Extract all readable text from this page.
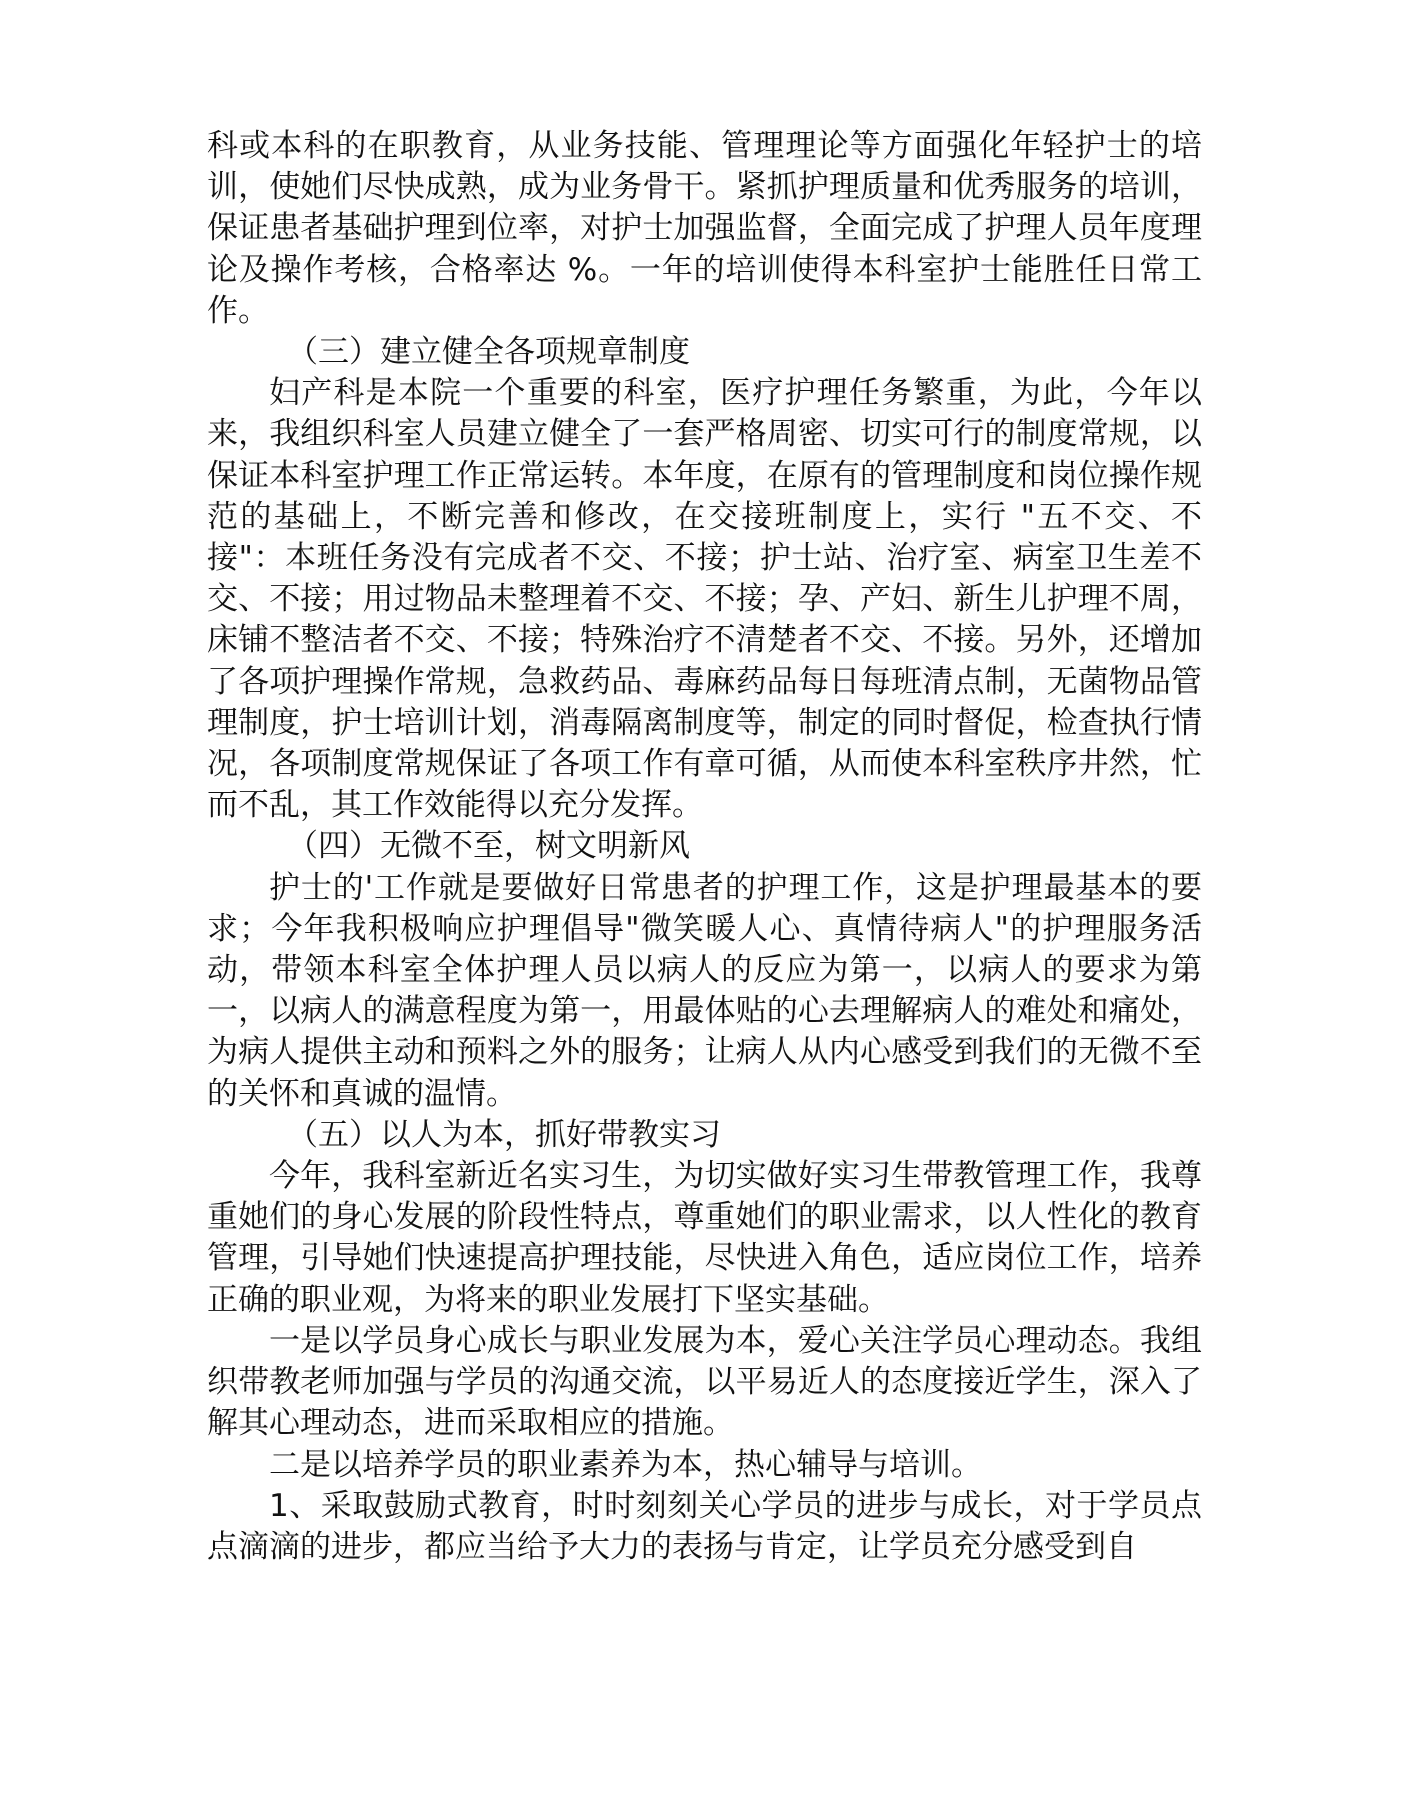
科或本科的在职教育，从业务技能、管理理论等方面强化年轻护士的培训，使她们尽快成熟，成为业务骨干。紧抓护理质量和优秀服务的培训，保证患者基础护理到位率，对护士加强监督，全面完成了护理人员年度理论及操作考核，合格率达 %。一年的培训使得本科室护士能胜任日常工作。

（三）建立健全各项规章制度

妇产科是本院一个重要的科室，医疗护理任务繁重，为此，今年以来，我组织科室人员建立健全了一套严格周密、切实可行的制度常规，以保证本科室护理工作正常运转。本年度，在原有的管理制度和岗位操作规范的基础上，不断完善和修改，在交接班制度上，实行 "五不交、不接"：本班任务没有完成者不交、不接；护士站、治疗室、病室卫生差不交、不接；用过物品未整理着不交、不接；孕、产妇、新生儿护理不周，床铺不整洁者不交、不接；特殊治疗不清楚者不交、不接。另外，还增加了各项护理操作常规，急救药品、毒麻药品每日每班清点制，无菌物品管理制度，护士培训计划，消毒隔离制度等，制定的同时督促，检查执行情况，各项制度常规保证了各项工作有章可循，从而使本科室秩序井然，忙而不乱，其工作效能得以充分发挥。

（四）无微不至，树文明新风

护士的'工作就是要做好日常患者的护理工作，这是护理最基本的要求；今年我积极响应护理倡导"微笑暖人心、真情待病人"的护理服务活动，带领本科室全体护理人员以病人的反应为第一，以病人的要求为第一，以病人的满意程度为第一，用最体贴的心去理解病人的难处和痛处，为病人提供主动和预料之外的服务；让病人从内心感受到我们的无微不至的关怀和真诚的温情。

（五）以人为本，抓好带教实习

今年，我科室新近名实习生，为切实做好实习生带教管理工作，我尊重她们的身心发展的阶段性特点，尊重她们的职业需求，以人性化的教育管理，引导她们快速提高护理技能，尽快进入角色，适应岗位工作，培养正确的职业观，为将来的职业发展打下坚实基础。

一是以学员身心成长与职业发展为本，爱心关注学员心理动态。我组织带教老师加强与学员的沟通交流，以平易近人的态度接近学生，深入了解其心理动态，进而采取相应的措施。

二是以培养学员的职业素养为本，热心辅导与培训。

1、采取鼓励式教育，时时刻刻关心学员的进步与成长，对于学员点点滴滴的进步，都应当给予大力的表扬与肯定，让学员充分感受到自
